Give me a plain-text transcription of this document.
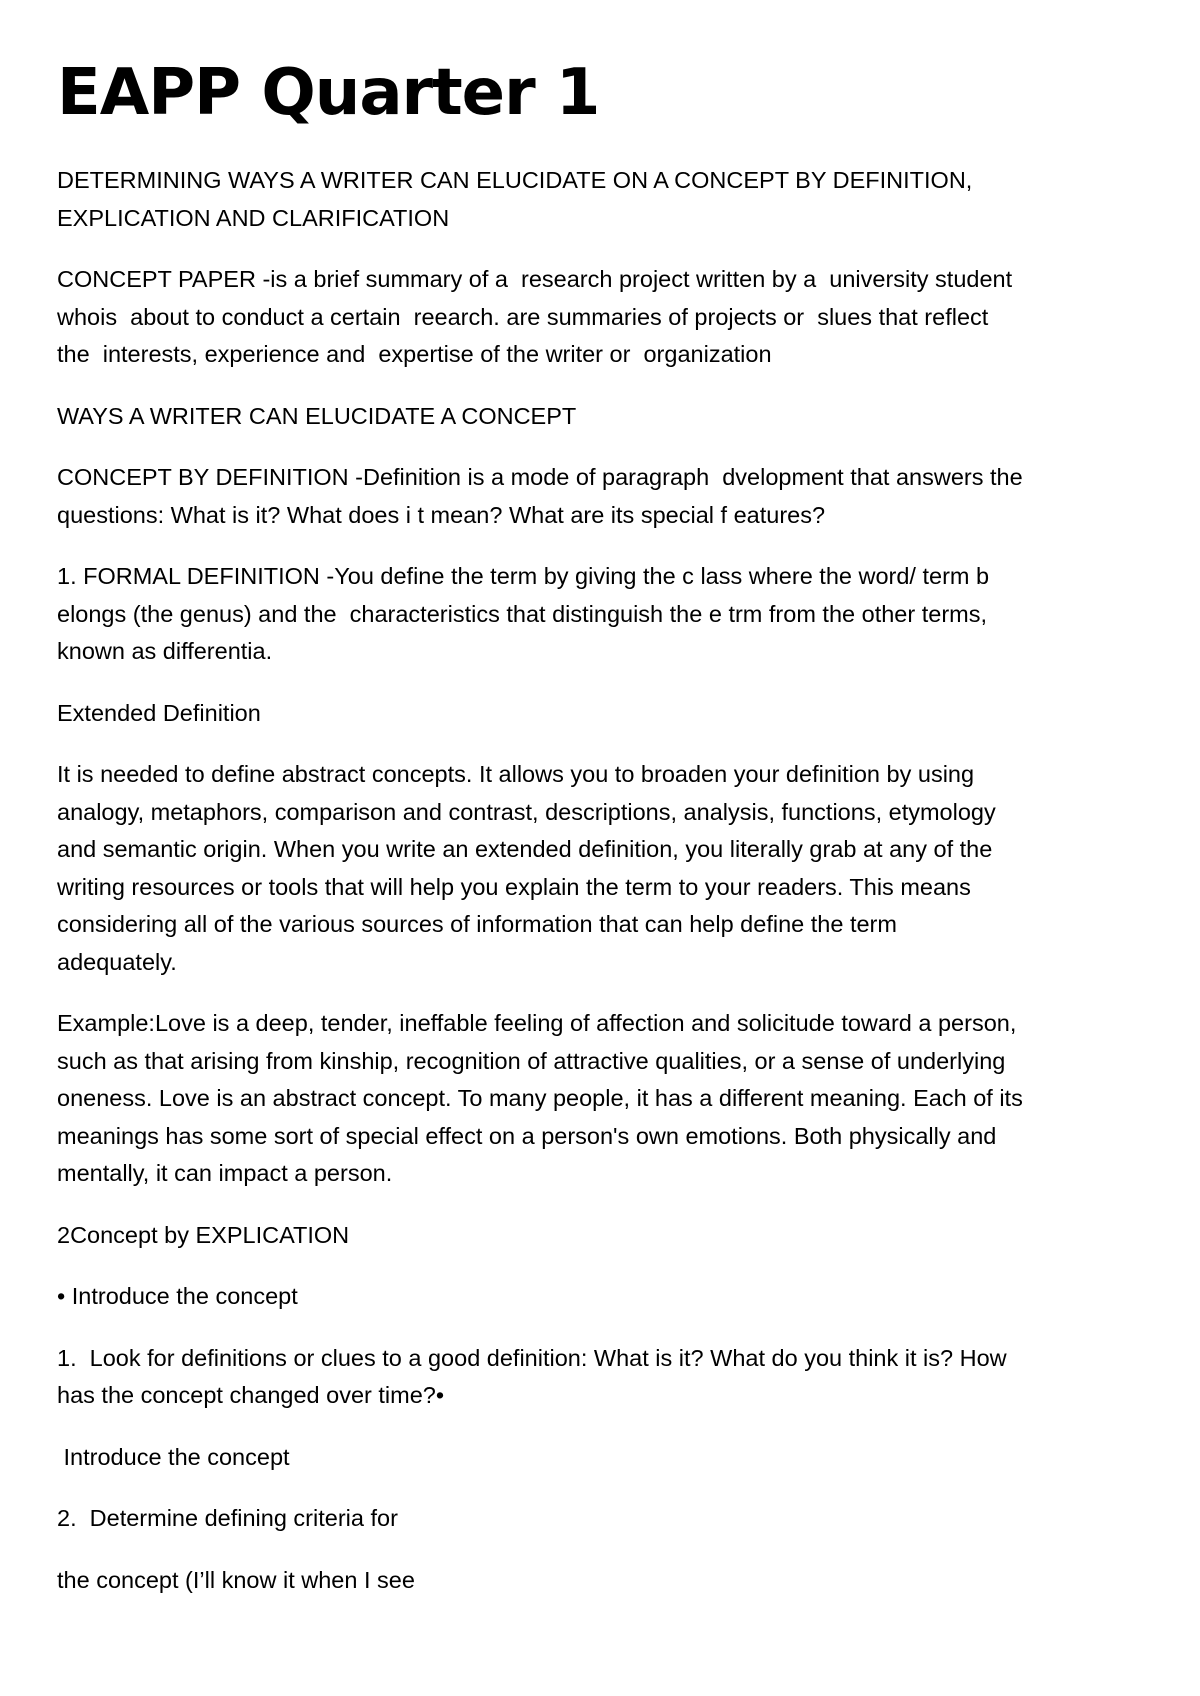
EAPP Quarter 1

DETERMINING WAYS A WRITER CAN ELUCIDATE ON A CONCEPT BY DEFINITION,
EXPLICATION AND CLARIFICATION

CONCEPT PAPER -is a brief summary of a  research project written by a  university student
whois  about to conduct a certain  reearch. are summaries of projects or  slues that reflect
the  interests, experience and  expertise of the writer or  organization

WAYS A WRITER CAN ELUCIDATE A CONCEPT

CONCEPT BY DEFINITION -Definition is a mode of paragraph  dvelopment that answers the
questions: What is it? What does i t mean? What are its special f eatures?

1. FORMAL DEFINITION -You define the term by giving the c lass where the word/ term b
elongs (the genus) and the  characteristics that distinguish the e trm from the other terms,
known as differentia.

Extended Definition

It is needed to define abstract concepts. It allows you to broaden your definition by using
analogy, metaphors, comparison and contrast, descriptions, analysis, functions, etymology
and semantic origin. When you write an extended definition, you literally grab at any of the
writing resources or tools that will help you explain the term to your readers. This means
considering all of the various sources of information that can help define the term
adequately.

Example:Love is a deep, tender, ineffable feeling of affection and solicitude toward a person,
such as that arising from kinship, recognition of attractive qualities, or a sense of underlying
oneness. Love is an abstract concept. To many people, it has a different meaning. Each of its
meanings has some sort of special effect on a person's own emotions. Both physically and
mentally, it can impact a person.

2Concept by EXPLICATION

• Introduce the concept

1.  Look for definitions or clues to a good definition: What is it? What do you think it is? How
has the concept changed over time?•

Introduce the concept

2.  Determine defining criteria for

the concept (I’ll know it when I see
